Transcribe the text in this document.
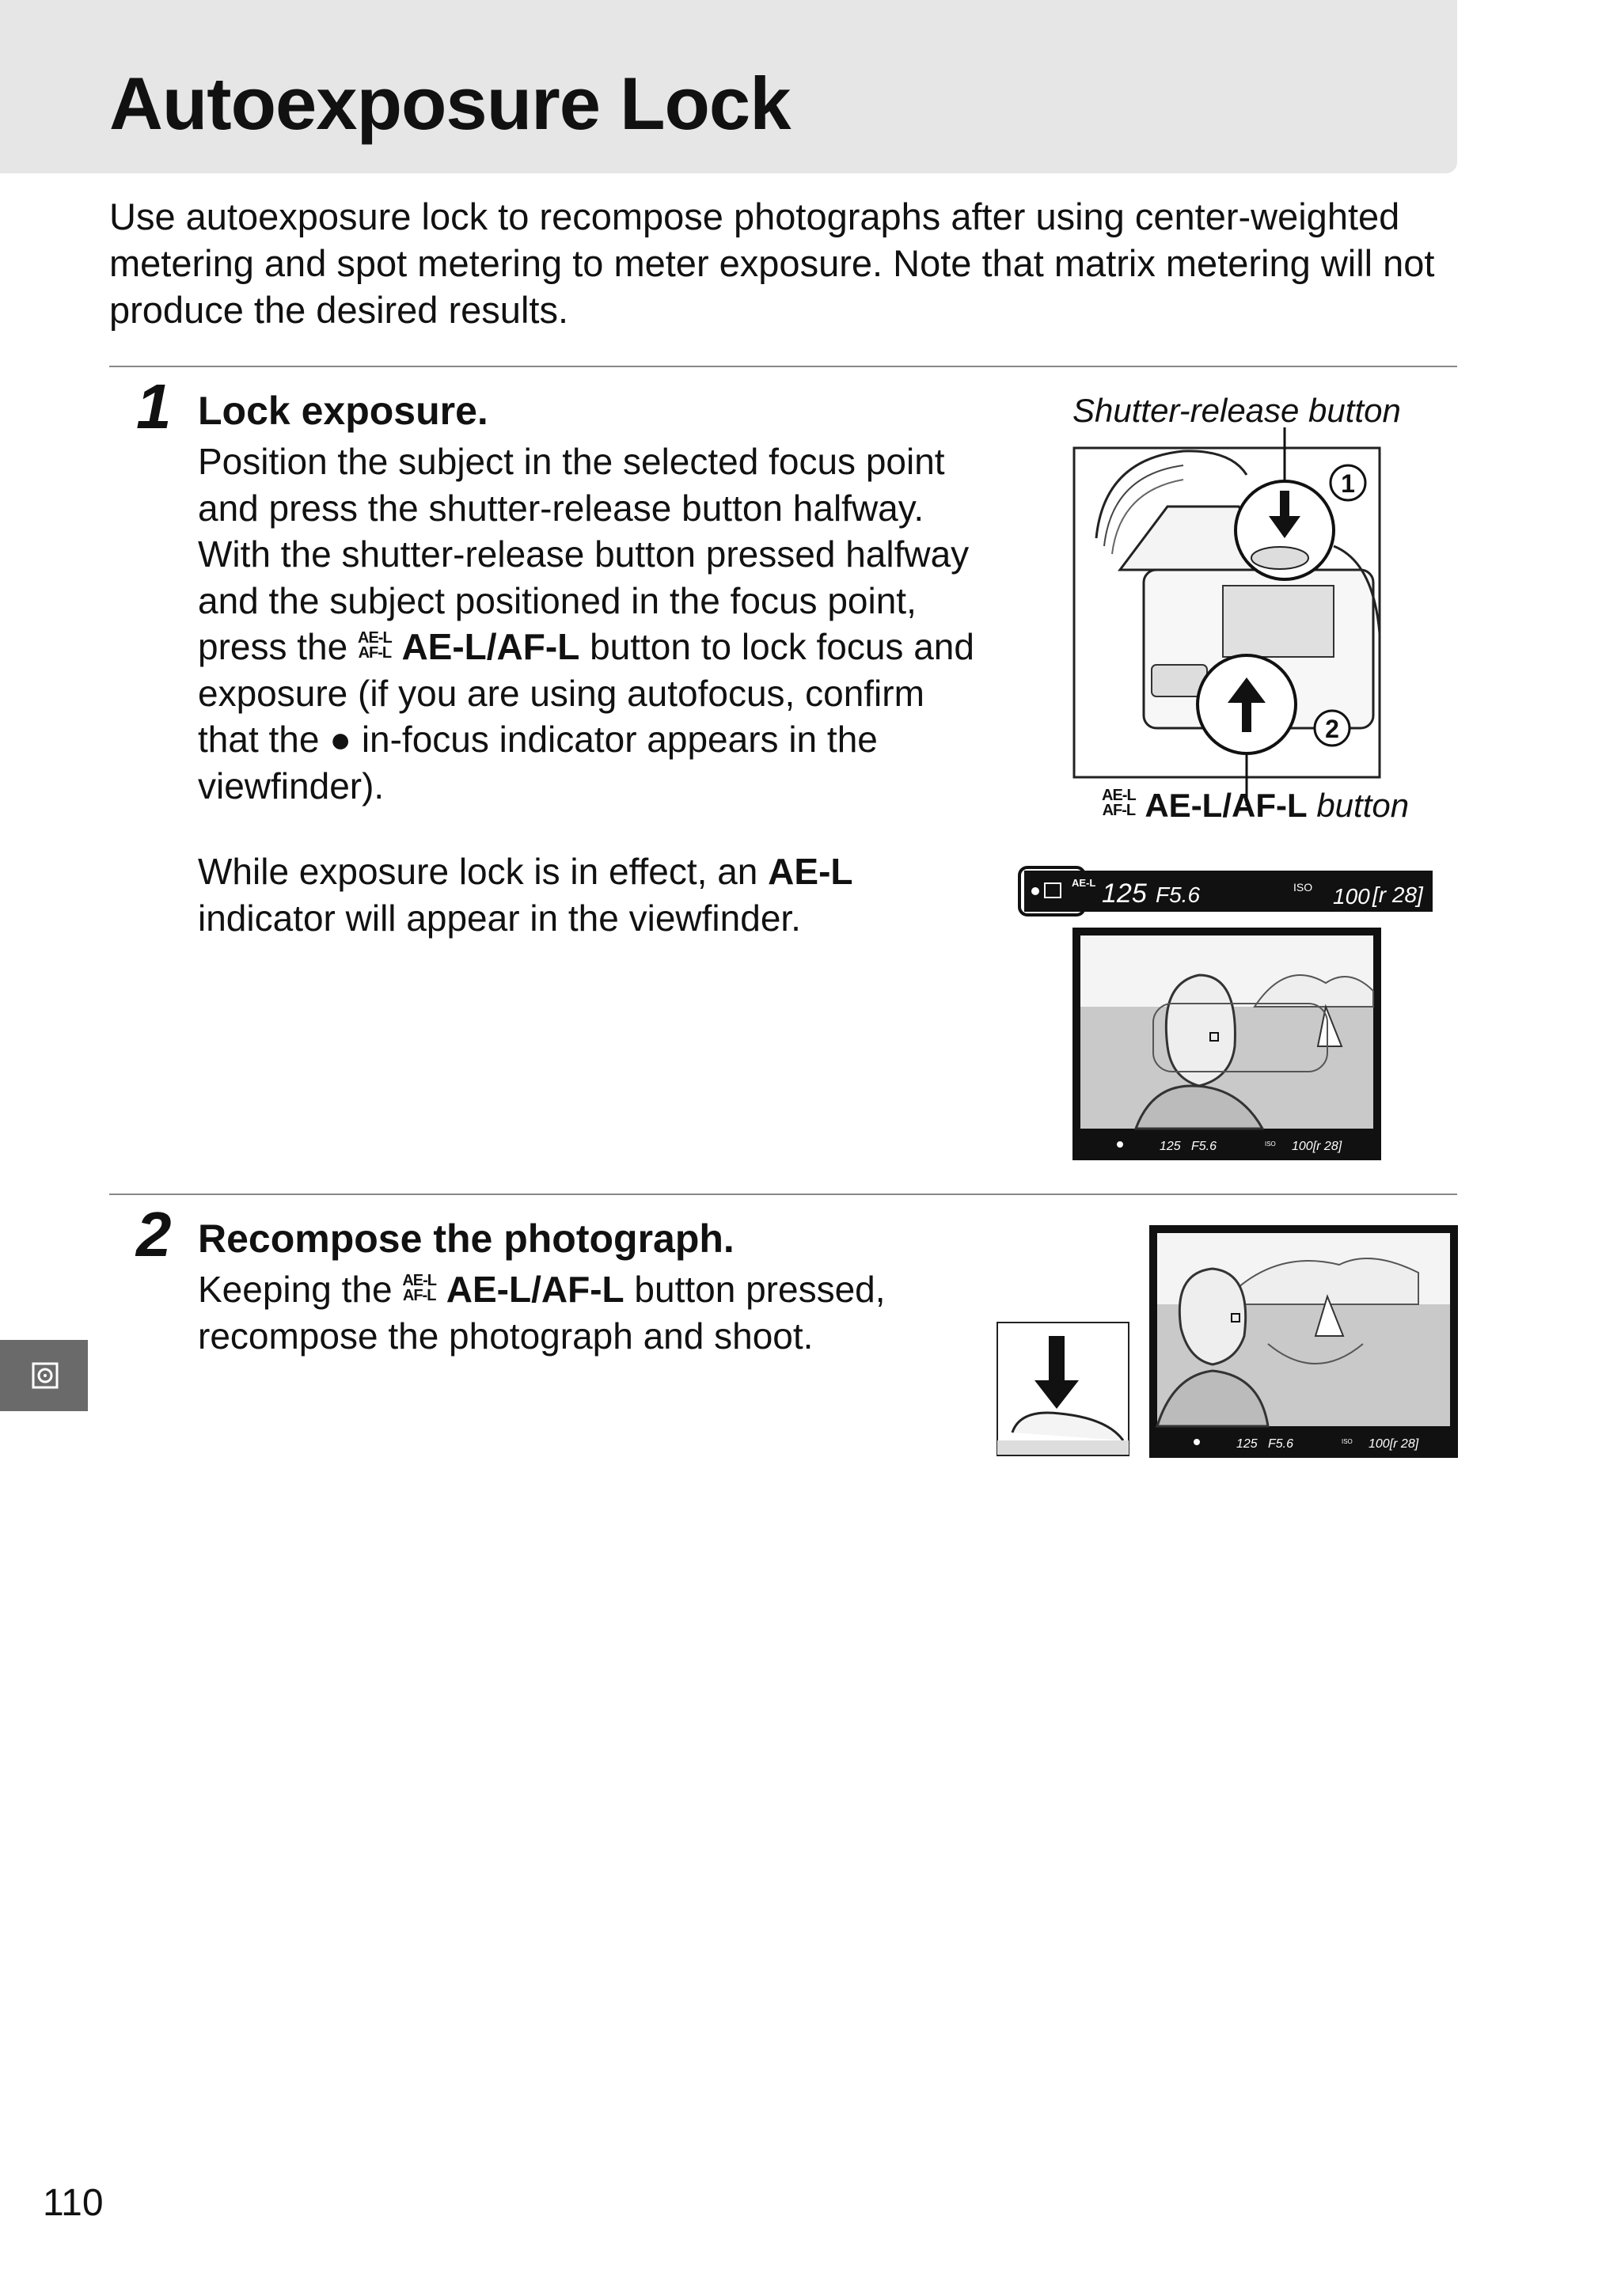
Autoexposure Lock

Use autoexposure lock to recompose photographs after using center-weighted metering and spot metering to meter exposure. Note that matrix metering will not produce the desired results.

1 Lock exposure.

Position the subject in the selected focus point and press the shutter-release button halfway. With the shutter-release button pressed halfway and the subject positioned in the focus point, press the AE-L
AF-L AE-L/AF-L button to lock focus and exposure (if you are using autofocus, confirm that the ● in-focus indicator appears in the viewfinder).

While exposure lock is in effect, an AE-L indicator will appear in the viewfinder.

Shutter-release button
1
2
AE-L
AF-L AE-L/AF-L button
AE-L 125 F5.6	ISO 100 [r 28]
125 F5.6	ISO 100[r 28]
2 Recompose the photograph.

Keeping the AE-L
AF-L AE-L/AF-L button pressed, recompose the photograph and shoot.

125 F5.6	ISO 100[r 28]
110
